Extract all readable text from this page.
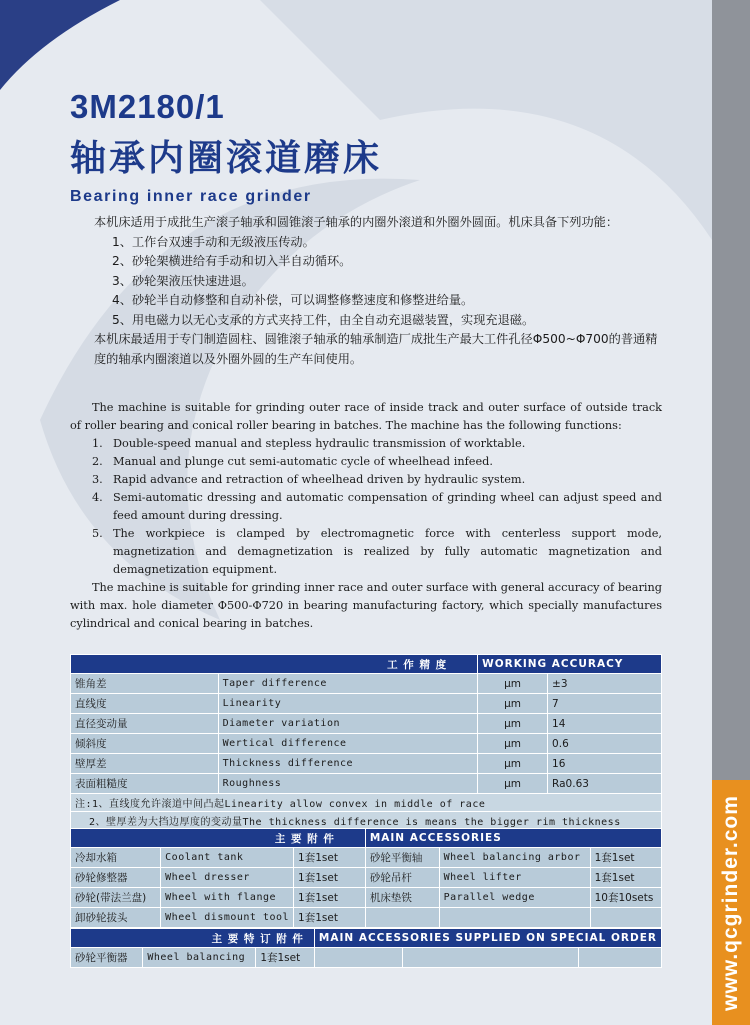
www.qcgrinder.com
3M2180/1
轴承内圈滚道磨床
Bearing inner race grinder

本机床适用于成批生产滚子轴承和圆锥滚子轴承的内圈外滚道和外圈外圆面。机床具备下列功能：

1、工作台双速手动和无级液压传动。

2、砂轮架横进给有手动和切入半自动循环。

3、砂轮架液压快速进退。

4、砂轮半自动修整和自动补偿，可以调整修整速度和修整进给量。

5、用电磁力以无心支承的方式夹持工件，由全自动充退磁装置，实现充退磁。

本机床最适用于专门制造圆柱、圆锥滚子轴承的轴承制造厂成批生产最大工件孔径Φ500~Φ700的普通精度的轴承内圈滚道以及外圈外圆的生产车间使用。

The machine is suitable for grinding outer race of inside track and outer surface of outside track of roller bearing and conical roller bearing in batches. The machine has the following functions:

1. Double-speed manual and stepless hydraulic transmission of worktable.
2. Manual and plunge cut semi-automatic cycle of wheelhead infeed.
3. Rapid advance and retraction of wheelhead driven by hydraulic system.
4. Semi-automatic dressing and automatic compensation of grinding wheel can adjust speed and feed amount during dressing.
5. The workpiece is clamped by electromagnetic force with centerless support mode, magnetization and demagnetization is realized by fully automatic magnetization and demagnetization equipment.

The machine is suitable for grinding inner race and outer surface with general accuracy of bearing with max. hole diameter Φ500-Φ720 in bearing manufacturing factory, which specially manufactures cylindrical and conical bearing in batches.

工 作 精 度		WORKING ACCURACY	
锥角差	Taper difference	μm	±3
直线度	Linearity	μm	7
直径变动量	Diameter variation	μm	14
倾斜度	Wertical difference	μm	0.6
壁厚差	Thickness difference	μm	16
表面粗糙度	Roughness	μm	Ra0.63
注:1、直线度允许滚道中间凸起Linearity allow convex in middle of race			
2、壁厚差为大挡边厚度的变动量The thickness difference is means the bigger rim thickness			
主 要 附 件			MAIN ACCESSORIES		
冷却水箱	Coolant tank	1套1set	砂轮平衡轴	Wheel balancing arbor	1套1set
砂轮修整器	Wheel dresser	1套1set	砂轮吊杆	Wheel lifter	1套1set
砂轮(带法兰盘)	Wheel with flange	1套1set	机床垫铁	Parallel wedge	10套10sets
卸砂轮拔头	Wheel dismount tool	1套1set			
主 要 特 订 附 件			MAIN ACCESSORIES SUPPLIED ON SPECIAL ORDER		
砂轮平衡器	Wheel balancing	1套1set			
